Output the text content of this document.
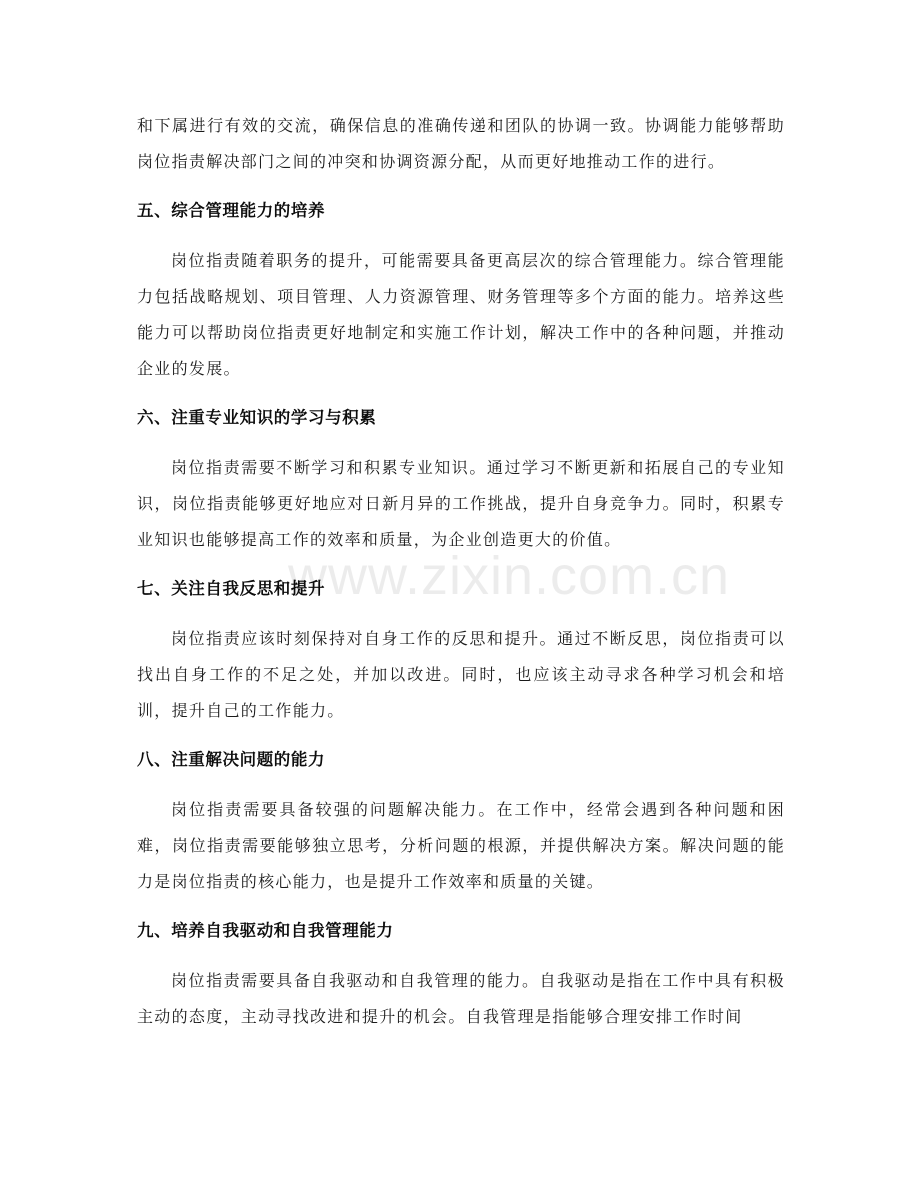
和下属进行有效的交流，确保信息的准确传递和团队的协调一致。协调能力能够帮助岗位指责解决部门之间的冲突和协调资源分配，从而更好地推动工作的进行。

五、综合管理能力的培养

岗位指责随着职务的提升，可能需要具备更高层次的综合管理能力。综合管理能力包括战略规划、项目管理、人力资源管理、财务管理等多个方面的能力。培养这些能力可以帮助岗位指责更好地制定和实施工作计划，解决工作中的各种问题，并推动企业的发展。

六、注重专业知识的学习与积累

岗位指责需要不断学习和积累专业知识。通过学习不断更新和拓展自己的专业知识，岗位指责能够更好地应对日新月异的工作挑战，提升自身竞争力。同时，积累专业知识也能够提高工作的效率和质量，为企业创造更大的价值。

七、关注自我反思和提升

岗位指责应该时刻保持对自身工作的反思和提升。通过不断反思，岗位指责可以找出自身工作的不足之处，并加以改进。同时，也应该主动寻求各种学习机会和培训，提升自己的工作能力。

八、注重解决问题的能力

岗位指责需要具备较强的问题解决能力。在工作中，经常会遇到各种问题和困难，岗位指责需要能够独立思考，分析问题的根源，并提供解决方案。解决问题的能力是岗位指责的核心能力，也是提升工作效率和质量的关键。

九、培养自我驱动和自我管理能力

岗位指责需要具备自我驱动和自我管理的能力。自我驱动是指在工作中具有积极主动的态度，主动寻找改进和提升的机会。自我管理是指能够合理安排工作时间

www.zixin.com.cn
